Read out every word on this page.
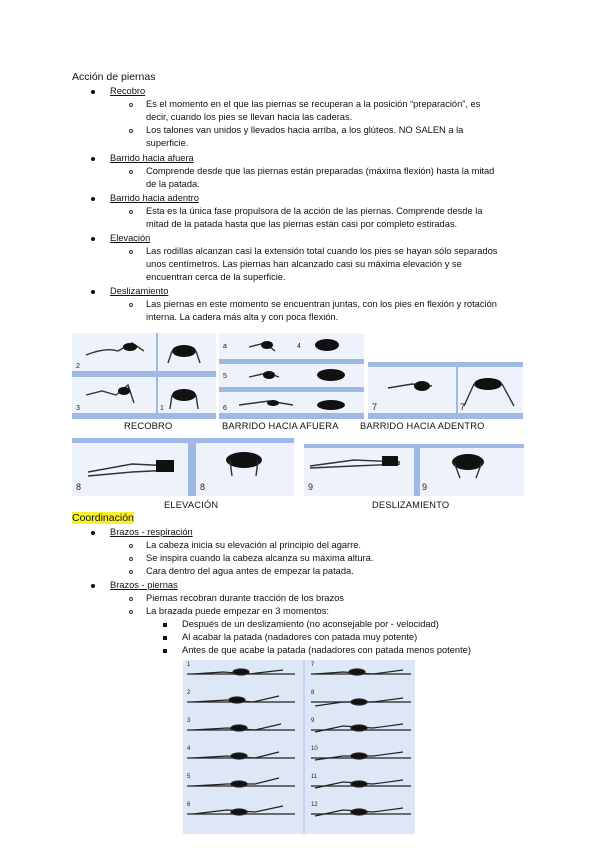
Acción de piernas
Recobro
Es el momento en el que las piernas se recuperan a la posición “preparación”, es
decir, cuando los pies se llevan hacia las caderas.
Los talones van unidos y llevados hacia arriba, a los glúteos. NO SALEN a la
superficie.
Barrido hacia afuera
Comprende desde que las piernas están preparadas (máxima flexión) hasta la mitad
de la patada.
Barrido hacia adentro
Esta es la única fase propulsora de la acción de las piernas. Comprende desde la
mitad de la patada hasta que las piernas están casi por completo estiradas.
Elevación
Las rodillas alcanzan casi la extensión total cuando los pies se hayan sólo separados
unos centímetros. Las piernas han alcanzado casi su máxima elevación y se
encuentran cerca de la superficie.
Deslizamiento
Las piernas en este momento se encuentran juntas, con los pies en flexión y rotación
interna. La cadera más alta y con poca flexión.
2
3	1
a	4
5
6	7	7
RECOBRO	BARRIDO HACIA AFUERA BARRIDO HACIA ADENTRO
8	8	9	9
ELEVACIÓN	DESLIZAMIENTO
Coordinación
Brazos - respiración
La cabeza inicia su elevación al principio del agarre.
Se inspira cuando la cabeza alcanza su máxima altura.
Cara dentro del agua antes de empezar la patada.
Brazos - piernas
Piernas recobran durante tracción de los brazos
La brazada puede empezar en 3 momentos:
Después de un deslizamiento (no aconsejable por - velocidad)
Al acabar la patada (nadadores con patada muy potente)
Antes de que acabe la patada (nadadores con patada menos potente)
1
2
3
4
5
6
7
8
9
10
11
12
